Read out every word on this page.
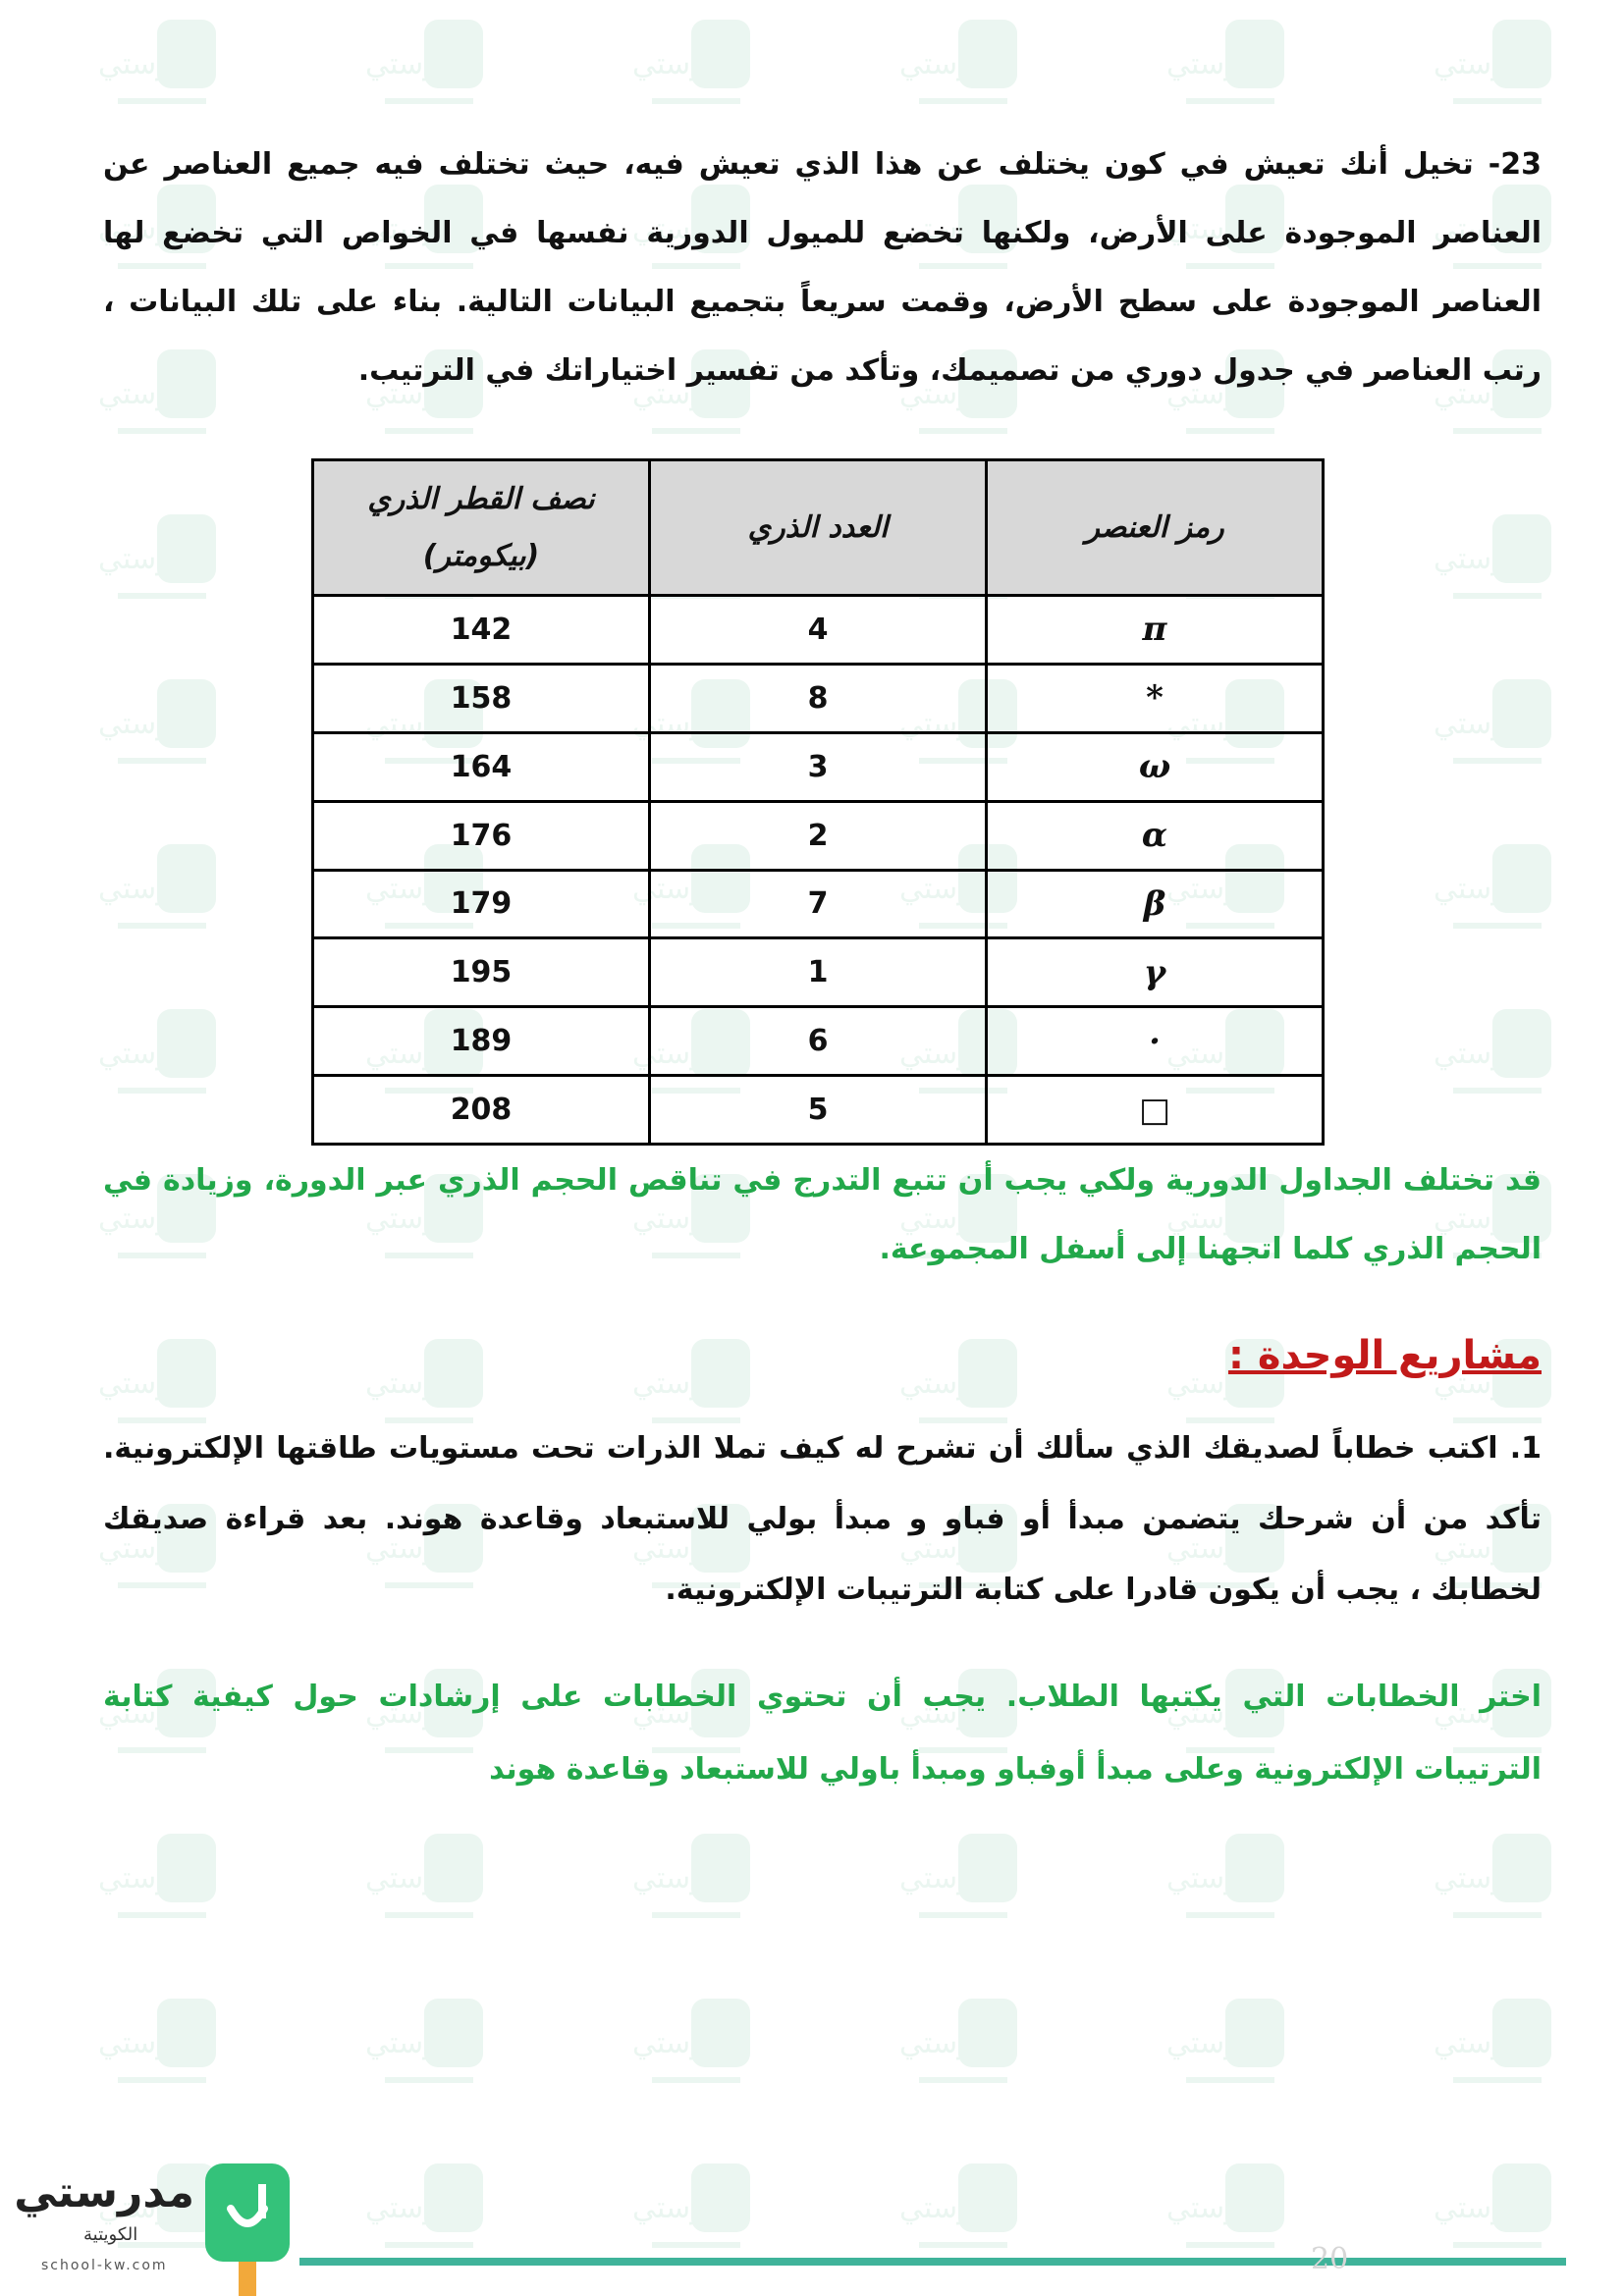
23- تخيل أنك تعيش في كون يختلف عن هذا الذي تعيش فيه، حيث تختلف فيه جميع العناصر عن العناصر الموجودة على الأرض، ولكنها تخضع للميول الدورية نفسها في الخواص التي تخضع لها العناصر الموجودة على سطح الأرض، وقمت سريعاً بتجميع البيانات التالية. بناء على تلك البيانات ، رتب العناصر في جدول دوري من تصميمك، وتأكد من تفسير اختياراتك في الترتيب.

رمز العنصر	العدد الذري	نصف القطر الذري
(بيكومتر)

π	4	142
*	8	158
ω	3	164
α	2	176
β	7	179
γ	1	195
·	6	189
□	5	208

قد تختلف الجداول الدورية ولكي يجب أن تتبع التدرج في تناقص الحجم الذري عبر الدورة، وزيادة في الحجم الذري كلما اتجهنا إلى أسفل المجموعة.

مشاريع الوحدة :

1. اكتب خطاباً لصديقك الذي سألك أن تشرح له كيف تملا الذرات تحت مستويات طاقتها الإلكترونية. تأكد من أن شرحك يتضمن مبدأ أو فباو و مبدأ بولي للاستبعاد وقاعدة هوند. بعد قراءة صديقك لخطابك ، يجب أن يكون قادرا على كتابة الترتيبات الإلكترونية.

اختر الخطابات التي يكتبها الطلاب. يجب أن تحتوي الخطابات على إرشادات حول كيفية كتابة الترتيبات الإلكترونية وعلى مبدأ أوفباو ومبدأ باولي للاستبعاد وقاعدة هوند

مدرستي
الكويتية
school-kw.com	20
